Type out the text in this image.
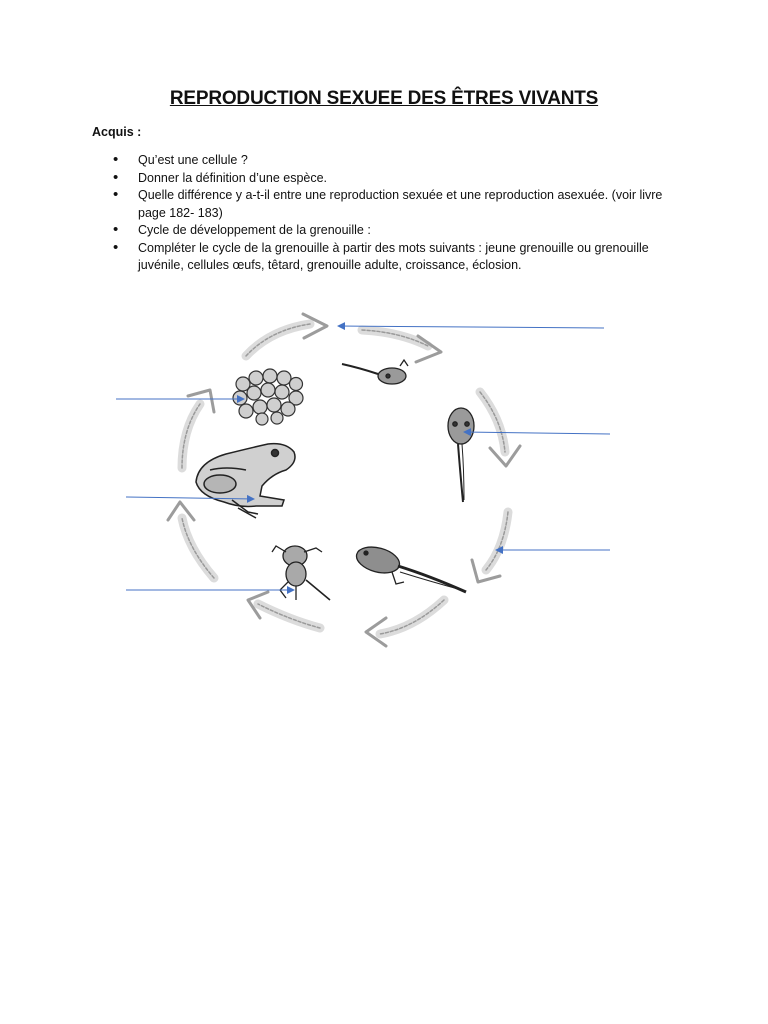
REPRODUCTION SEXUEE DES ÊTRES VIVANTS
Acquis :
• Qu’est une cellule ?
• Donner la définition d’une espèce.
• Quelle différence y a-t-il entre une reproduction sexuée et une reproduction asexuée. (voir livre page 182- 183)
• Cycle de développement de la grenouille :
• Compléter le cycle de la grenouille à partir des mots suivants : jeune grenouille ou grenouille juvénile, cellules œufs, têtard, grenouille adulte, croissance, éclosion.
